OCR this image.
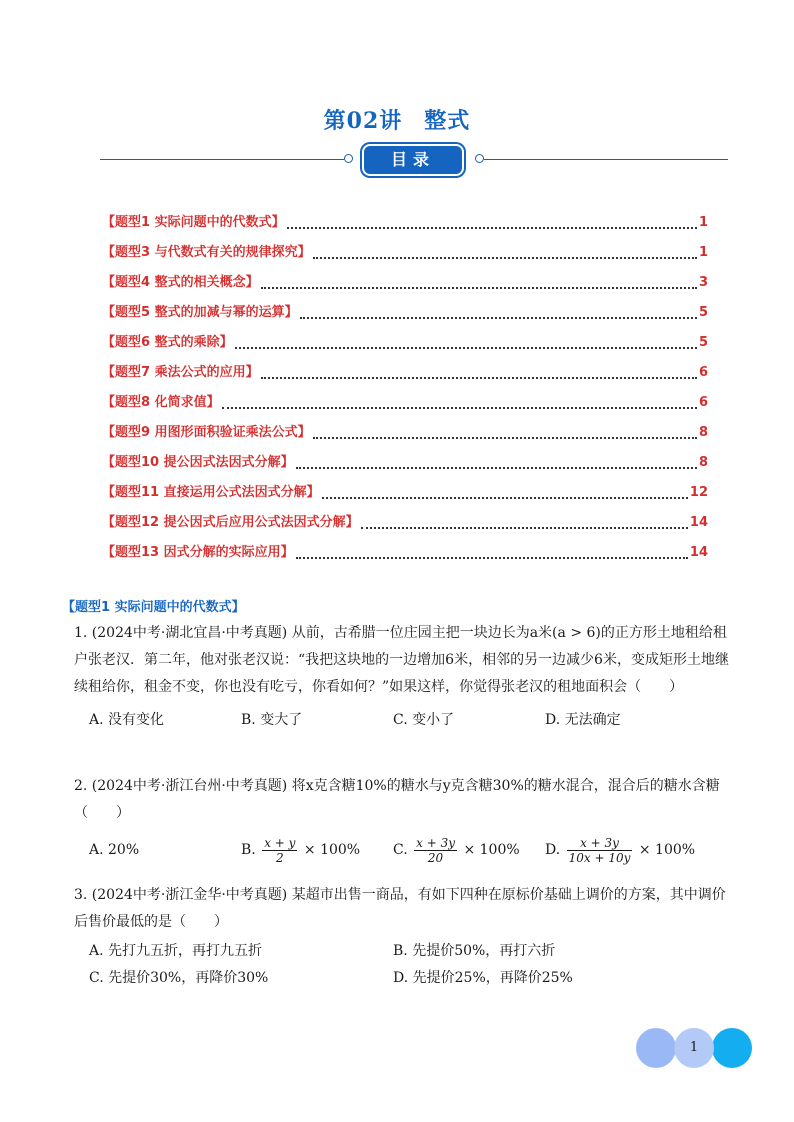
第02讲 整式
目录
【题型1 实际问题中的代数式】	1
【题型3 与代数式有关的规律探究】	1
【题型4 整式的相关概念】	3
【题型5 整式的加减与幂的运算】	5
【题型6 整式的乘除】	5
【题型7 乘法公式的应用】	6
【题型8 化简求值】	6
【题型9 用图形面积验证乘法公式】	8
【题型10 提公因式法因式分解】	8
【题型11 直接运用公式法因式分解】	12
【题型12 提公因式后应用公式法因式分解】	14
【题型13 因式分解的实际应用】	14
【题型1 实际问题中的代数式】
1. (2024中考·湖北宜昌·中考真题) 从前，古希腊一位庄园主把一块边长为a米(a > 6)的正方形土地租给租户张老汉．第二年，他对张老汉说：“我把这块地的一边增加6米，相邻的另一边减少6米，变成矩形土地继续租给你，租金不变，你也没有吃亏，你看如何？”如果这样，你觉得张老汉的租地面积会（　　）
A. 没有变化	B. 变大了	C. 变小了	D. 无法确定
2. (2024中考·浙江台州·中考真题) 将x克含糖10%的糖水与y克含糖30%的糖水混合，混合后的糖水含糖（　　）
A. 20%	B. $\frac{x + y}{2} \times 100\%$	C. $\frac{x + 3y}{20} \times 100\%$	D. $\frac{x + 3y}{10x + 10y} \times 100\%$
3. (2024中考·浙江金华·中考真题) 某超市出售一商品，有如下四种在原标价基础上调价的方案，其中调价后售价最低的是（　　）
A. 先打九五折，再打九五折	B. 先提价50%，再打六折
C. 先提价30%，再降价30%	D. 先提价25%，再降价25%
1
